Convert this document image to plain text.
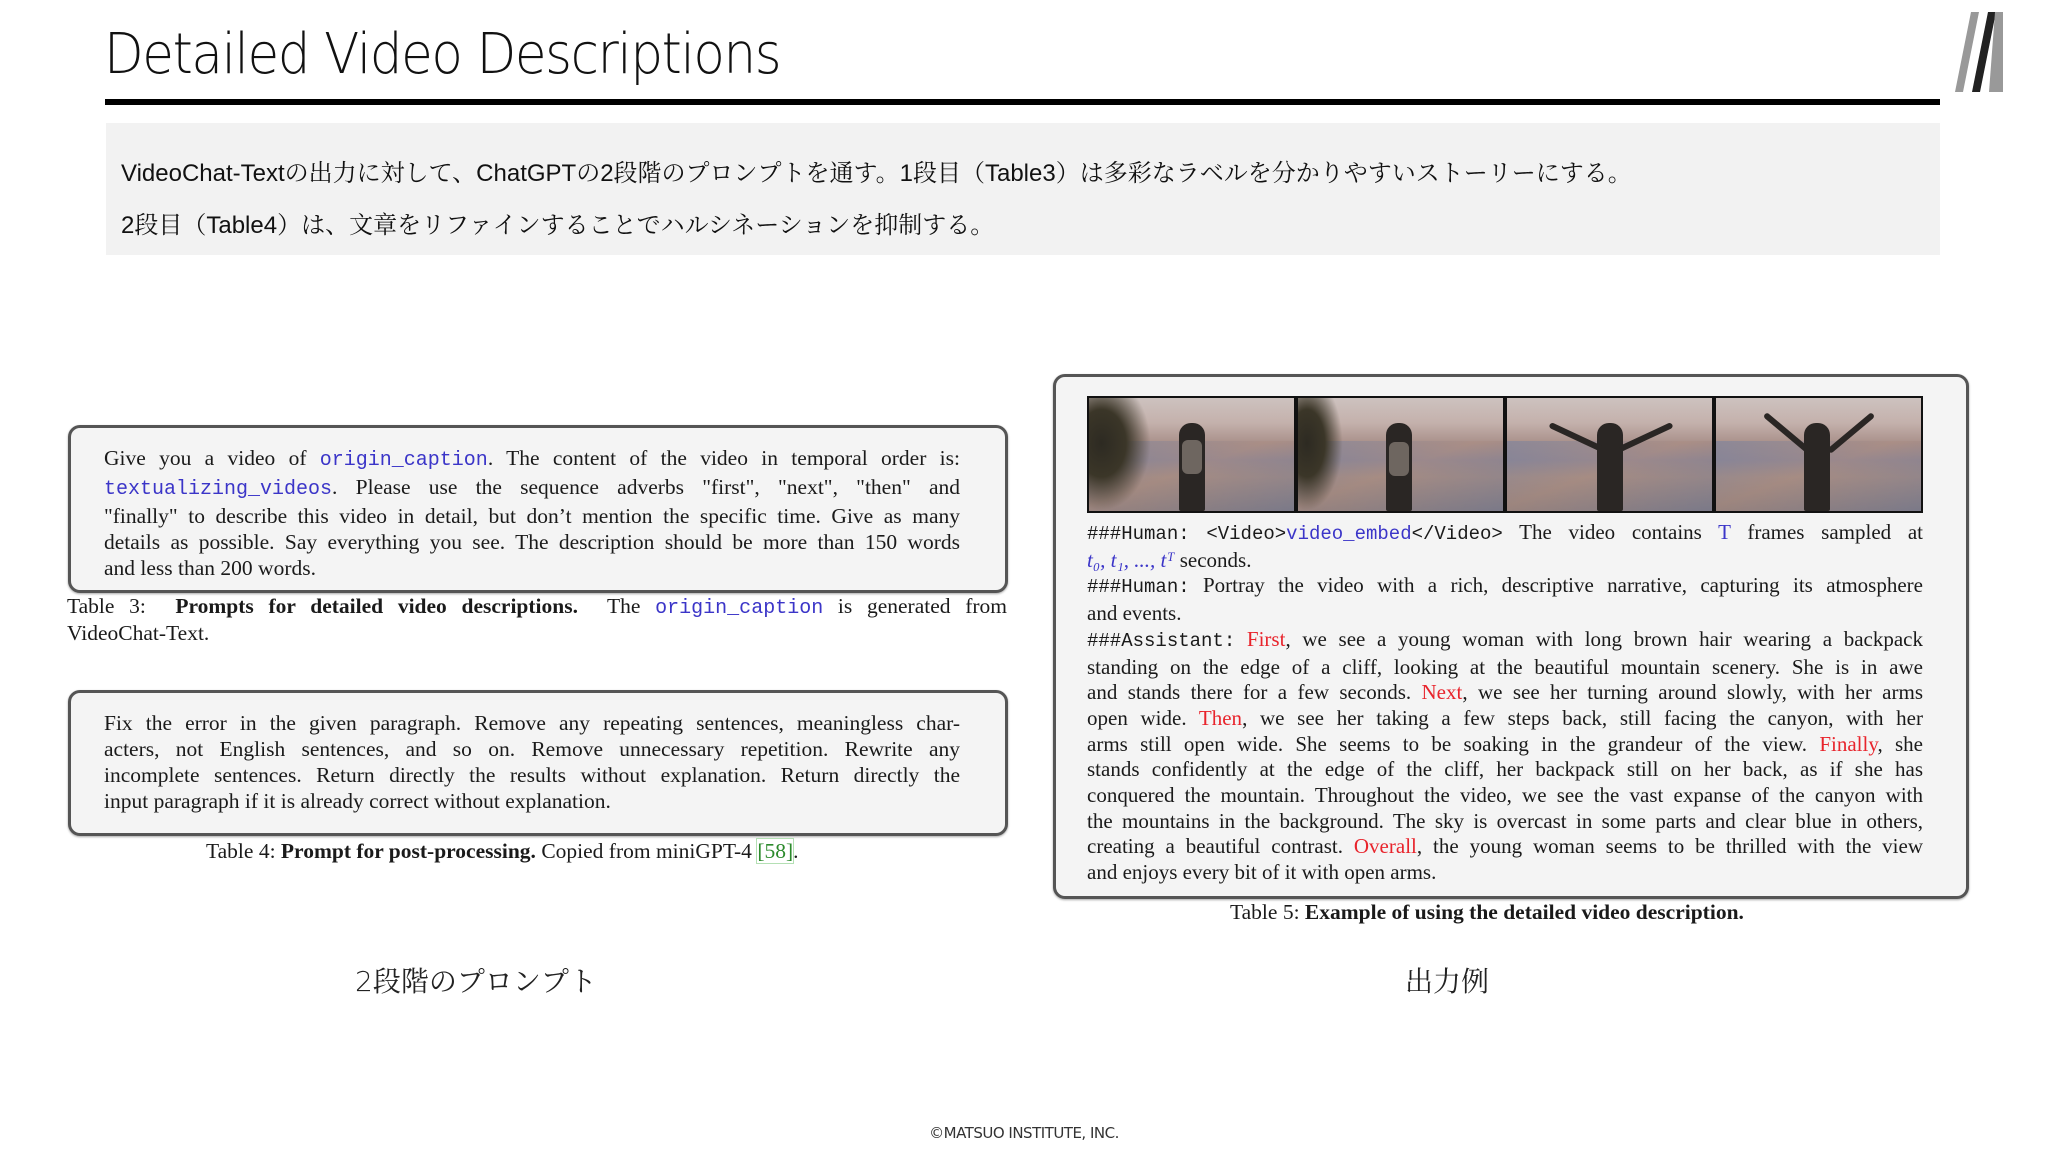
Detailed Video Descriptions

VideoChat-Textの出力に対して、ChatGPTの2段階のプロンプトを通す。1段目（Table3）は多彩なラベルを分かりやすいストーリーにする。

2段目（Table4）は、文章をリファインすることでハルシネーションを抑制する。

Give you a video of origin_caption. The content of the video in temporal order is:
textualizing_videos. Please use the sequence adverbs "first", "next", "then" and
"finally" to describe this video in detail, but don’t mention the specific time. Give as many
details as possible. Say everything you see. The description should be more than 150 words
and less than 200 words.
Table 3: Prompts for detailed video descriptions. The origin_caption is generated from
VideoChat-Text.
Fix the error in the given paragraph. Remove any repeating sentences, meaningless char-
acters, not English sentences, and so on. Remove unnecessary repetition. Rewrite any
incomplete sentences. Return directly the results without explanation. Return directly the
input paragraph if it is already correct without explanation.
Table 4: Prompt for post-processing. Copied from miniGPT-4 [58].
###Human: <Video>video_embed</Video> The video contains T frames sampled at
t₀, t₁, ..., tᵀ seconds.
###Human: Portray the video with a rich, descriptive narrative, capturing its atmosphere
and events.
###Assistant: First, we see a young woman with long brown hair wearing a backpack
standing on the edge of a cliff, looking at the beautiful mountain scenery. She is in awe
and stands there for a few seconds. Next, we see her turning around slowly, with her arms
open wide. Then, we see her taking a few steps back, still facing the canyon, with her
arms still open wide. She seems to be soaking in the grandeur of the view. Finally, she
stands confidently at the edge of the cliff, her backpack still on her back, as if she has
conquered the mountain. Throughout the video, we see the vast expanse of the canyon with
the mountains in the background. The sky is overcast in some parts and clear blue in others,
creating a beautiful contrast. Overall, the young woman seems to be thrilled with the view
and enjoys every bit of it with open arms.
Table 5: Example of using the detailed video description.
2段階のプロンプト	出力例
©MATSUO INSTITUTE, INC.
